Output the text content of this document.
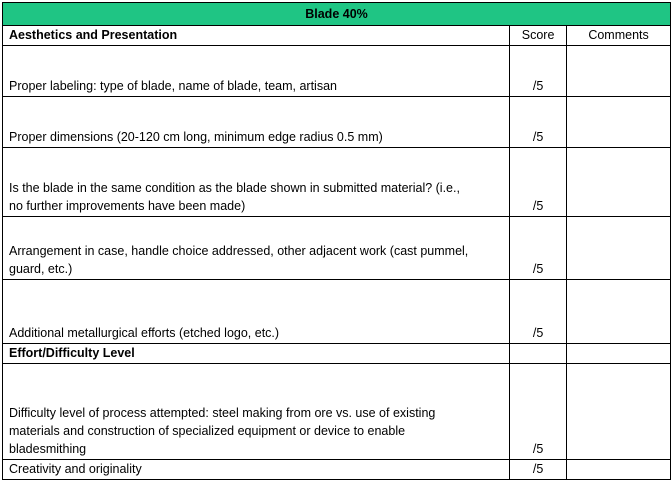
Blade 40%		
Aesthetics and Presentation	Score	Comments

Proper labeling: type of blade, name of blade, team, artisan	/5	

Proper dimensions (20-120 cm long, minimum edge radius 0.5 mm)	/5	

Is the blade in the same condition as the blade shown in submitted material? (i.e.,
no further improvements have been made)	/5	

Arrangement in case, handle choice addressed, other adjacent work (cast pummel,
guard, etc.)	/5	

Additional metallurgical efforts (etched logo, etc.)	/5	
Effort/Difficulty Level		

Difficulty level of process attempted: steel making from ore vs. use of existing
materials and construction of specialized equipment or device to enable
bladesmithing	/5	

Creativity and originality	/5	
